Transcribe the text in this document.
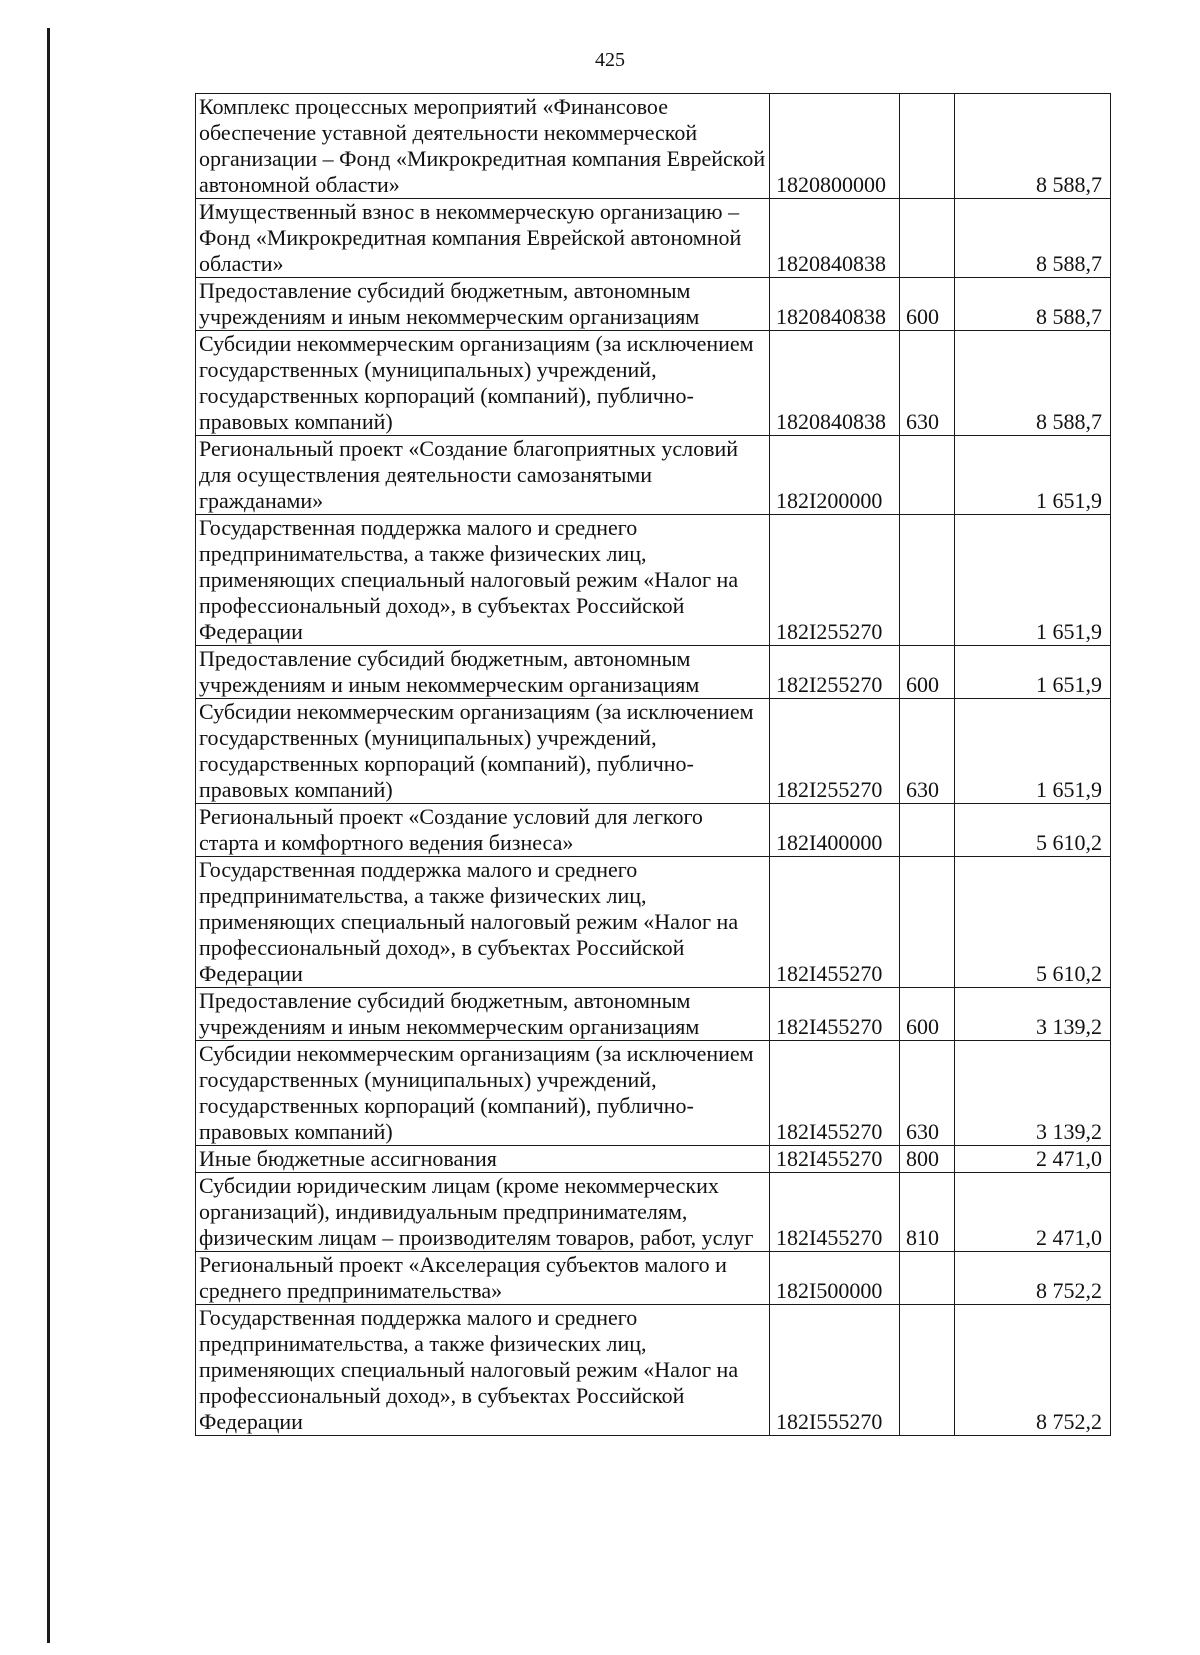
425
Комплекс процессных мероприятий «Финансовое обеспечение уставной деятельности некоммерческой организации – Фонд «Микрокредитная компания Еврейской автономной области»	1820800000		8 588,7
Имущественный взнос в некоммерческую организацию – Фонд «Микрокредитная компания Еврейской автономной области»	1820840838		8 588,7
Предоставление субсидий бюджетным, автономным учреждениям и иным некоммерческим организациям	1820840838	600	8 588,7
Субсидии некоммерческим организациям (за исключением государственных (муниципальных) учреждений, государственных корпораций (компаний), публично-правовых компаний)	1820840838	630	8 588,7
Региональный проект «Создание благоприятных условий для осуществления деятельности самозанятыми гражданами»	182I200000		1 651,9
Государственная поддержка малого и среднего предпринимательства, а также физических лиц, применяющих специальный налоговый режим «Налог на профессиональный доход», в субъектах Российской Федерации	182I255270		1 651,9
Предоставление субсидий бюджетным, автономным учреждениям и иным некоммерческим организациям	182I255270	600	1 651,9
Субсидии некоммерческим организациям (за исключением государственных (муниципальных) учреждений, государственных корпораций (компаний), публично-правовых компаний)	182I255270	630	1 651,9
Региональный проект «Создание условий для легкого старта и комфортного ведения бизнеса»	182I400000		5 610,2
Государственная поддержка малого и среднего предпринимательства, а также физических лиц, применяющих специальный налоговый режим «Налог на профессиональный доход», в субъектах Российской Федерации	182I455270		5 610,2
Предоставление субсидий бюджетным, автономным учреждениям и иным некоммерческим организациям	182I455270	600	3 139,2
Субсидии некоммерческим организациям (за исключением государственных (муниципальных) учреждений, государственных корпораций (компаний), публично-правовых компаний)	182I455270	630	3 139,2
Иные бюджетные ассигнования	182I455270	800	2 471,0
Субсидии юридическим лицам (кроме некоммерческих организаций), индивидуальным предпринимателям, физическим лицам – производителям товаров, работ, услуг	182I455270	810	2 471,0
Региональный проект «Акселерация субъектов малого и среднего предпринимательства»	182I500000		8 752,2
Государственная поддержка малого и среднего предпринимательства, а также физических лиц, применяющих специальный налоговый режим «Налог на профессиональный доход», в субъектах Российской Федерации	182I555270		8 752,2
